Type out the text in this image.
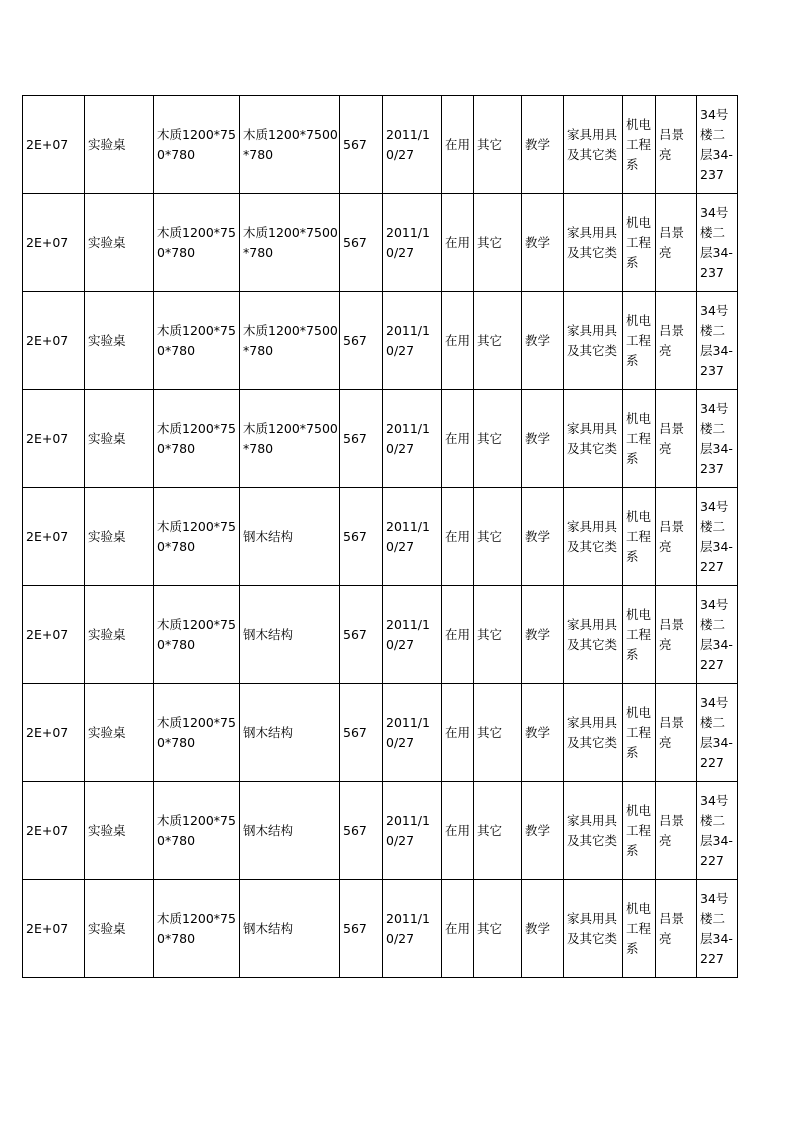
2E+07	实验桌	木质1200*750*780	木质1200*7500*780	567	2011/10/27	在用	其它	教学	家具用具及其它类	机电工程系	吕景亮	34号楼二层34-237
2E+07	实验桌	木质1200*750*780	木质1200*7500*780	567	2011/10/27	在用	其它	教学	家具用具及其它类	机电工程系	吕景亮	34号楼二层34-237
2E+07	实验桌	木质1200*750*780	木质1200*7500*780	567	2011/10/27	在用	其它	教学	家具用具及其它类	机电工程系	吕景亮	34号楼二层34-237
2E+07	实验桌	木质1200*750*780	木质1200*7500*780	567	2011/10/27	在用	其它	教学	家具用具及其它类	机电工程系	吕景亮	34号楼二层34-237
2E+07	实验桌	木质1200*750*780	钢木结构	567	2011/10/27	在用	其它	教学	家具用具及其它类	机电工程系	吕景亮	34号楼二层34-227
2E+07	实验桌	木质1200*750*780	钢木结构	567	2011/10/27	在用	其它	教学	家具用具及其它类	机电工程系	吕景亮	34号楼二层34-227
2E+07	实验桌	木质1200*750*780	钢木结构	567	2011/10/27	在用	其它	教学	家具用具及其它类	机电工程系	吕景亮	34号楼二层34-227
2E+07	实验桌	木质1200*750*780	钢木结构	567	2011/10/27	在用	其它	教学	家具用具及其它类	机电工程系	吕景亮	34号楼二层34-227
2E+07	实验桌	木质1200*750*780	钢木结构	567	2011/10/27	在用	其它	教学	家具用具及其它类	机电工程系	吕景亮	34号楼二层34-227
